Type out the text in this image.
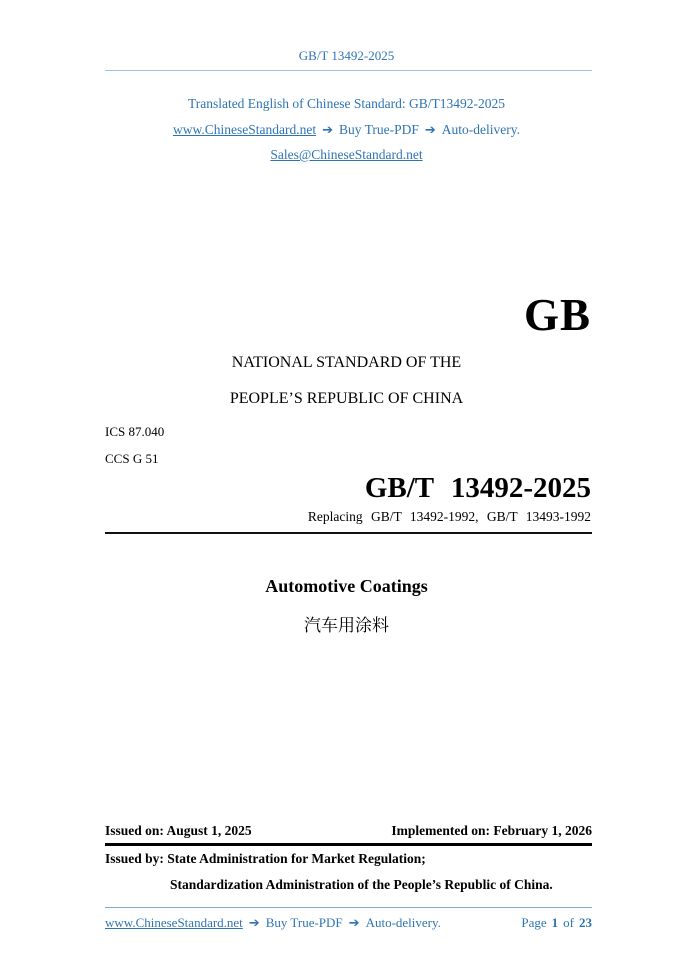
GB/T 13492-2025
Translated English of Chinese Standard: GB/T13492-2025
www.ChineseStandard.net ➔ Buy True-PDF ➔ Auto-delivery.
Sales@ChineseStandard.net
GB
NATIONAL STANDARD OF THE
PEOPLE’S REPUBLIC OF CHINA
ICS 87.040
CCS G 51
GB/T 13492-2025
Replacing GB/T 13492-1992, GB/T 13493-1992
Automotive Coatings
汽车用涂料
Issued on: August 1, 2025	Implemented on: February 1, 2026
Issued by: State Administration for Market Regulation;
Standardization Administration of the People’s Republic of China.
www.ChineseStandard.net ➔ Buy True-PDF ➔ Auto-delivery.	Page 1 of 23
